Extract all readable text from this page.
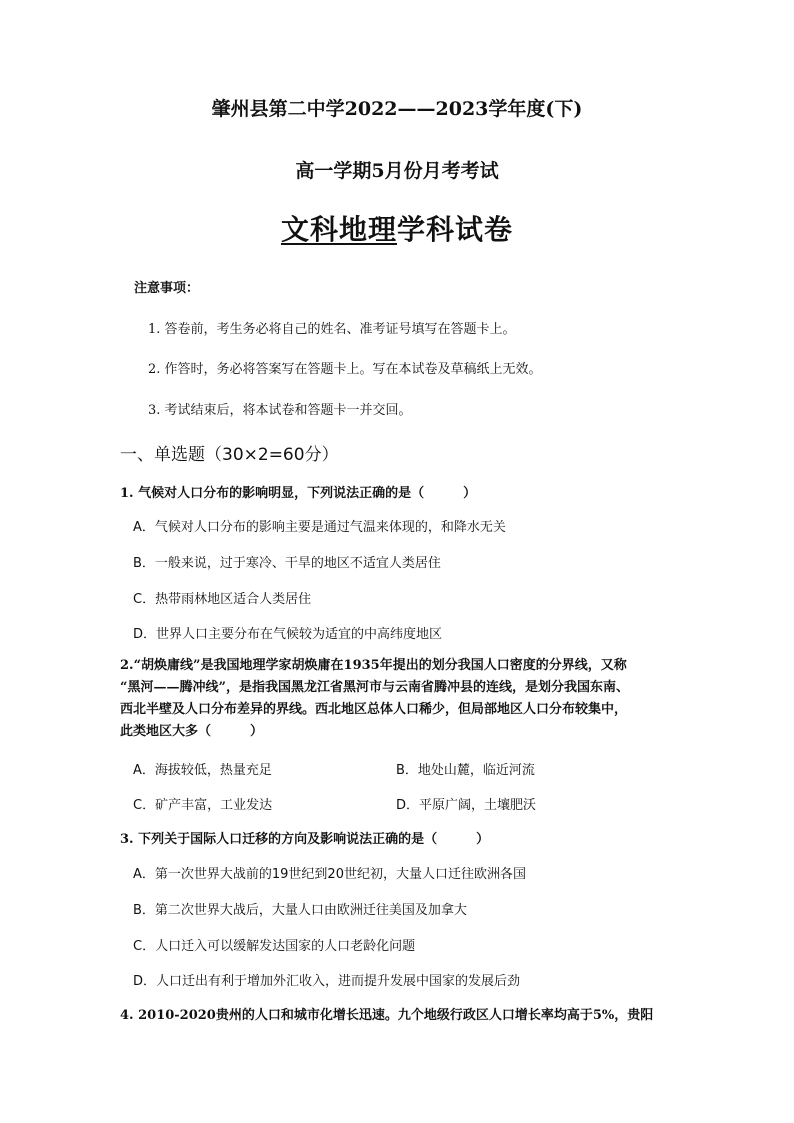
肇州县第二中学2022——2023学年度(下)
高一学期5月份月考考试
文科地理学科试卷
注意事项：
1. 答卷前，考生务必将自己的姓名、准考证号填写在答题卡上。
2. 作答时，务必将答案写在答题卡上。写在本试卷及草稿纸上无效。
3. 考试结束后，将本试卷和答题卡一并交回。
一、单选题（30×2=60分）
1. 气候对人口分布的影响明显，下列说法正确的是（　　　）
A．气候对人口分布的影响主要是通过气温来体现的，和降水无关
B．一般来说，过于寒冷、干旱的地区不适宜人类居住
C．热带雨林地区适合人类居住
D．世界人口主要分布在气候较为适宜的中高纬度地区
2.“胡焕庸线”是我国地理学家胡焕庸在1935年提出的划分我国人口密度的分界线，又称
“黑河——腾冲线”，是指我国黑龙江省黑河市与云南省腾冲县的连线，是划分我国东南、
西北半壁及人口分布差异的界线。西北地区总体人口稀少，但局部地区人口分布较集中，
此类地区大多（　　　）
A．海拔较低，热量充足	B．地处山麓，临近河流
C．矿产丰富，工业发达	D．平原广阔，土壤肥沃
3. 下列关于国际人口迁移的方向及影响说法正确的是（　　　）
A．第一次世界大战前的19世纪到20世纪初，大量人口迁往欧洲各国
B．第二次世界大战后，大量人口由欧洲迁往美国及加拿大
C．人口迁入可以缓解发达国家的人口老龄化问题
D．人口迁出有利于增加外汇收入，进而提升发展中国家的发展后劲
4. 2010-2020贵州的人口和城市化增长迅速。九个地级行政区人口增长率均高于5%，贵阳
